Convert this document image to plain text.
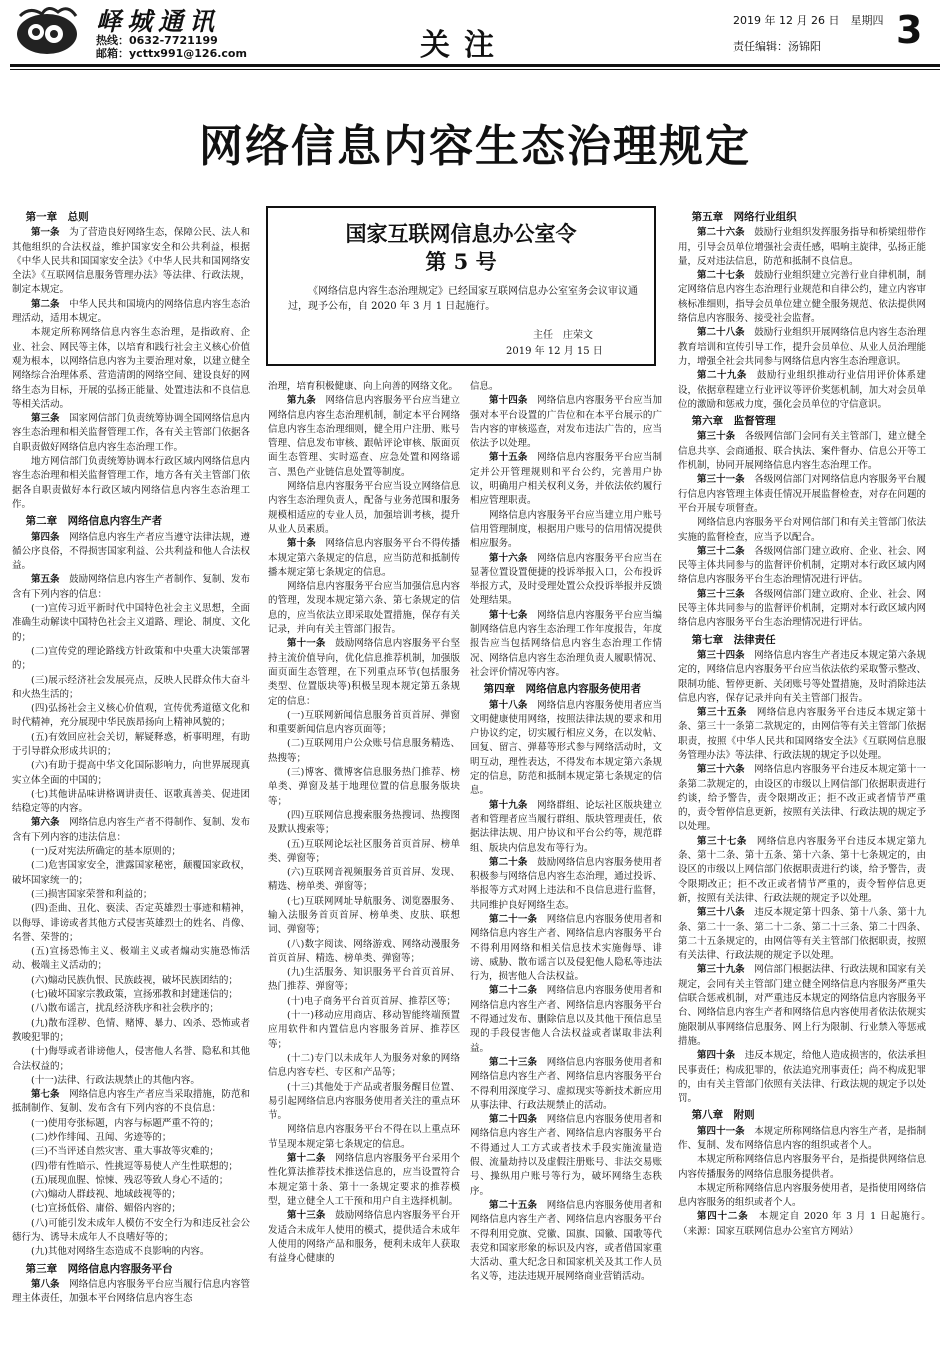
峄城通讯
热线：0632-7721199
邮箱：ycttx991@126.com	关注
2019 年 12 月 26 日　星期四
责任编辑：汤锦阳 3
网络信息内容生态治理规定
国家互联网信息办公室令
第 5 号
《网络信息内容生态治理规定》已经国家互联网信息办公室室务会议审议通过，现予公布，自 2020 年 3 月 1 日起施行。
主任　庄荣文
2019 年 12 月 15 日
第一章　总则

第一条　 为了营造良好网络生态，保障公民、法人和其他组织的合法权益，维护国家安全和公共利益，根据《中华人民共和国国家安全法》《中华人民共和国网络安全法》《互联网信息服务管理办法》等法律、行政法规，制定本规定。

第二条　 中华人民共和国境内的网络信息内容生态治理活动，适用本规定。

本规定所称网络信息内容生态治理，是指政府、企业、社会、网民等主体，以培育和践行社会主义核心价值观为根本，以网络信息内容为主要治理对象，以建立健全网络综合治理体系、营造清朗的网络空间、建设良好的网络生态为目标，开展的弘扬正能量、处置违法和不良信息等相关活动。

第三条　 国家网信部门负责统筹协调全国网络信息内容生态治理和相关监督管理工作，各有关主管部门依据各自职责做好网络信息内容生态治理工作。

地方网信部门负责统筹协调本行政区域内网络信息内容生态治理和相关监督管理工作，地方各有关主管部门依据各自职责做好本行政区域内网络信息内容生态治理工作。

第二章　网络信息内容生产者

第四条　 网络信息内容生产者应当遵守法律法规，遵循公序良俗，不得损害国家利益、公共利益和他人合法权益。

第五条　 鼓励网络信息内容生产者制作、复制、发布含有下列内容的信息：

(一)宣传习近平新时代中国特色社会主义思想，全面准确生动解读中国特色社会主义道路、理论、制度、文化的；

(二)宣传党的理论路线方针政策和中央重大决策部署的；

(三)展示经济社会发展亮点，反映人民群众伟大奋斗和火热生活的；

(四)弘扬社会主义核心价值观，宣传优秀道德文化和时代精神，充分展现中华民族昂扬向上精神风貌的；

(五)有效回应社会关切，解疑释惑，析事明理，有助于引导群众形成共识的；

(六)有助于提高中华文化国际影响力，向世界展现真实立体全面的中国的；

(七)其他讲品味讲格调讲责任、讴歌真善美、促进团结稳定等的内容。

第六条　 网络信息内容生产者不得制作、复制、发布含有下列内容的违法信息：

(一)反对宪法所确定的基本原则的；

(二)危害国家安全，泄露国家秘密，颠覆国家政权，破坏国家统一的；

(三)损害国家荣誉和利益的；

(四)歪曲、丑化、亵渎、否定英雄烈士事迹和精神，以侮辱、诽谤或者其他方式侵害英雄烈士的姓名、肖像、名誉、荣誉的；

(五)宣扬恐怖主义、极端主义或者煽动实施恐怖活动、极端主义活动的；

(六)煽动民族仇恨、民族歧视，破坏民族团结的；

(七)破坏国家宗教政策，宣扬邪教和封建迷信的；

(八)散布谣言，扰乱经济秩序和社会秩序的；

(九)散布淫秽、色情、赌博、暴力、凶杀、恐怖或者教唆犯罪的；

(十)侮辱或者诽谤他人，侵害他人名誉、隐私和其他合法权益的；

(十一)法律、行政法规禁止的其他内容。

第七条　 网络信息内容生产者应当采取措施，防范和抵制制作、复制、发布含有下列内容的不良信息：

(一)使用夸张标题，内容与标题严重不符的；

(二)炒作绯闻、丑闻、劣迹等的；

(三)不当评述自然灾害、重大事故等灾难的；

(四)带有性暗示、性挑逗等易使人产生性联想的；

(五)展现血腥、惊悚、残忍等致人身心不适的；

(六)煽动人群歧视、地域歧视等的；

(七)宣扬低俗、庸俗、媚俗内容的；

(八)可能引发未成年人模仿不安全行为和违反社会公德行为、诱导未成年人不良嗜好等的；

(九)其他对网络生态造成不良影响的内容。

第三章　网络信息内容服务平台

第八条　 网络信息内容服务平台应当履行信息内容管理主体责任，加强本平台网络信息内容生态

治理，培育积极健康、向上向善的网络文化。

第九条　 网络信息内容服务平台应当建立网络信息内容生态治理机制，制定本平台网络信息内容生态治理细则，健全用户注册、账号管理、信息发布审核、跟帖评论审核、版面页面生态管理、实时巡查、应急处置和网络谣言、黑色产业链信息处置等制度。

网络信息内容服务平台应当设立网络信息内容生态治理负责人，配备与业务范围和服务规模相适应的专业人员，加强培训考核，提升从业人员素质。

第十条　 网络信息内容服务平台不得传播本规定第六条规定的信息，应当防范和抵制传播本规定第七条规定的信息。

网络信息内容服务平台应当加强信息内容的管理，发现本规定第六条、第七条规定的信息的，应当依法立即采取处置措施，保存有关记录，并向有关主管部门报告。

第十一条　 鼓励网络信息内容服务平台坚持主流价值导向，优化信息推荐机制，加强版面页面生态管理，在下列重点环节(包括服务类型、位置版块等)积极呈现本规定第五条规定的信息：

(一)互联网新闻信息服务首页首屏、弹窗和重要新闻信息内容页面等；

(二)互联网用户公众账号信息服务精选、热搜等；

(三)博客、微博客信息服务热门推荐、榜单类、弹窗及基于地理位置的信息服务版块等；

(四)互联网信息搜索服务热搜词、热搜图及默认搜索等；

(五)互联网论坛社区服务首页首屏、榜单类、弹窗等；

(六)互联网音视频服务首页首屏、发现、精选、榜单类、弹窗等；

(七)互联网网址导航服务、浏览器服务、输入法服务首页首屏、榜单类、皮肤、联想词、弹窗等；

(八)数字阅读、网络游戏、网络动漫服务首页首屏、精选、榜单类、弹窗等；

(九)生活服务、知识服务平台首页首屏、热门推荐、弹窗等；

(十)电子商务平台首页首屏、推荐区等；

(十一)移动应用商店、移动智能终端预置应用软件和内置信息内容服务首屏、推荐区等；

(十二)专门以未成年人为服务对象的网络信息内容专栏、专区和产品等；

(十三)其他处于产品或者服务醒目位置、易引起网络信息内容服务使用者关注的重点环节。

网络信息内容服务平台不得在以上重点环节呈现本规定第七条规定的信息。

第十二条　 网络信息内容服务平台采用个性化算法推荐技术推送信息的，应当设置符合本规定第十条、第十一条规定要求的推荐模型，建立健全人工干预和用户自主选择机制。

第十三条　 鼓励网络信息内容服务平台开发适合未成年人使用的模式，提供适合未成年人使用的网络产品和服务，便利未成年人获取有益身心健康的

信息。

第十四条　 网络信息内容服务平台应当加强对本平台设置的广告位和在本平台展示的广告内容的审核巡查，对发布违法广告的，应当依法予以处理。

第十五条　 网络信息内容服务平台应当制定并公开管理规则和平台公约，完善用户协议，明确用户相关权利义务，并依法依约履行相应管理职责。

网络信息内容服务平台应当建立用户账号信用管理制度，根据用户账号的信用情况提供相应服务。

第十六条　 网络信息内容服务平台应当在显著位置设置便捷的投诉举报入口，公布投诉举报方式，及时受理处置公众投诉举报并反馈处理结果。

第十七条　 网络信息内容服务平台应当编制网络信息内容生态治理工作年度报告，年度报告应当包括网络信息内容生态治理工作情况、网络信息内容生态治理负责人履职情况、社会评价情况等内容。

第四章　网络信息内容服务使用者

第十八条　 网络信息内容服务使用者应当文明健康使用网络，按照法律法规的要求和用户协议约定，切实履行相应义务，在以发帖、回复、留言、弹幕等形式参与网络活动时，文明互动，理性表达，不得发布本规定第六条规定的信息，防范和抵制本规定第七条规定的信息。

第十九条　 网络群组、论坛社区版块建立者和管理者应当履行群组、版块管理责任，依据法律法规、用户协议和平台公约等，规范群组、版块内信息发布等行为。

第二十条　 鼓励网络信息内容服务使用者积极参与网络信息内容生态治理，通过投诉、举报等方式对网上违法和不良信息进行监督，共同维护良好网络生态。

第二十一条　 网络信息内容服务使用者和网络信息内容生产者、网络信息内容服务平台不得利用网络和相关信息技术实施侮辱、诽谤、威胁、散布谣言以及侵犯他人隐私等违法行为，损害他人合法权益。

第二十二条　 网络信息内容服务使用者和网络信息内容生产者、网络信息内容服务平台不得通过发布、删除信息以及其他干预信息呈现的手段侵害他人合法权益或者谋取非法利益。

第二十三条　 网络信息内容服务使用者和网络信息内容生产者、网络信息内容服务平台不得利用深度学习、虚拟现实等新技术新应用从事法律、行政法规禁止的活动。

第二十四条　 网络信息内容服务使用者和网络信息内容生产者、网络信息内容服务平台不得通过人工方式或者技术手段实施流量造假、流量劫持以及虚假注册账号、非法交易账号、操纵用户账号等行为，破坏网络生态秩序。

第二十五条　 网络信息内容服务使用者和网络信息内容生产者、网络信息内容服务平台不得利用党旗、党徽、国旗、国徽、国歌等代表党和国家形象的标识及内容，或者借国家重大活动、重大纪念日和国家机关及其工作人员名义等，违法违规开展网络商业营销活动。

第五章　网络行业组织

第二十六条　 鼓励行业组织发挥服务指导和桥梁纽带作用，引导会员单位增强社会责任感，唱响主旋律，弘扬正能量，反对违法信息，防范和抵制不良信息。

第二十七条　 鼓励行业组织建立完善行业自律机制，制定网络信息内容生态治理行业规范和自律公约，建立内容审核标准细则，指导会员单位建立健全服务规范、依法提供网络信息内容服务、接受社会监督。

第二十八条　 鼓励行业组织开展网络信息内容生态治理教育培训和宣传引导工作，提升会员单位、从业人员治理能力，增强全社会共同参与网络信息内容生态治理意识。

第二十九条　 鼓励行业组织推动行业信用评价体系建设，依据章程建立行业评议等评价奖惩机制，加大对会员单位的激励和惩戒力度，强化会员单位的守信意识。

第六章　监督管理

第三十条　 各级网信部门会同有关主管部门，建立健全信息共享、会商通报、联合执法、案件督办、信息公开等工作机制，协同开展网络信息内容生态治理工作。

第三十一条　 各级网信部门对网络信息内容服务平台履行信息内容管理主体责任情况开展监督检查，对存在问题的平台开展专项督查。

网络信息内容服务平台对网信部门和有关主管部门依法实施的监督检查，应当予以配合。

第三十二条　 各级网信部门建立政府、企业、社会、网民等主体共同参与的监督评价机制，定期对本行政区域内网络信息内容服务平台生态治理情况进行评估。

第三十三条　 各级网信部门建立政府、企业、社会、网民等主体共同参与的监督评价机制，定期对本行政区域内网络信息内容服务平台生态治理情况进行评估。

第七章　法律责任

第三十四条　 网络信息内容生产者违反本规定第六条规定的，网络信息内容服务平台应当依法依约采取警示整改、限制功能、暂停更新、关闭账号等处置措施，及时消除违法信息内容，保存记录并向有关主管部门报告。

第三十五条　 网络信息内容服务平台违反本规定第十条、第三十一条第二款规定的，由网信等有关主管部门依据职责，按照《中华人民共和国网络安全法》《互联网信息服务管理办法》等法律、行政法规的规定予以处理。

第三十六条　 网络信息内容服务平台违反本规定第十一条第二款规定的，由设区的市级以上网信部门依据职责进行约谈，给予警告，责令限期改正；拒不改正或者情节严重的，责令暂停信息更新，按照有关法律、行政法规的规定予以处理。

第三十七条　 网络信息内容服务平台违反本规定第九条、第十二条、第十五条、第十六条、第十七条规定的，由设区的市级以上网信部门依据职责进行约谈，给予警告，责令限期改正；拒不改正或者情节严重的，责令暂停信息更新，按照有关法律、行政法规的规定予以处理。

第三十八条　 违反本规定第十四条、第十八条、第十九条、第二十一条、第二十二条、第二十三条、第二十四条、第二十五条规定的，由网信等有关主管部门依据职责，按照有关法律、行政法规的规定予以处理。

第三十九条　 网信部门根据法律、行政法规和国家有关规定，会同有关主管部门建立健全网络信息内容服务严重失信联合惩戒机制，对严重违反本规定的网络信息内容服务平台、网络信息内容生产者和网络信息内容使用者依法依规实施限制从事网络信息服务、网上行为限制、行业禁入等惩戒措施。

第四十条　 违反本规定，给他人造成损害的，依法承担民事责任；构成犯罪的，依法追究刑事责任；尚不构成犯罪的，由有关主管部门依照有关法律、行政法规的规定予以处罚。

第八章　附则

第四十一条　 本规定所称网络信息内容生产者，是指制作、复制、发布网络信息内容的组织或者个人。

本规定所称网络信息内容服务平台，是指提供网络信息内容传播服务的网络信息服务提供者。

本规定所称网络信息内容服务使用者，是指使用网络信息内容服务的组织或者个人。

第四十二条　 本规定自 2020 年 3 月 1 日起施行。　（来源：国家互联网信息办公室官方网站）
